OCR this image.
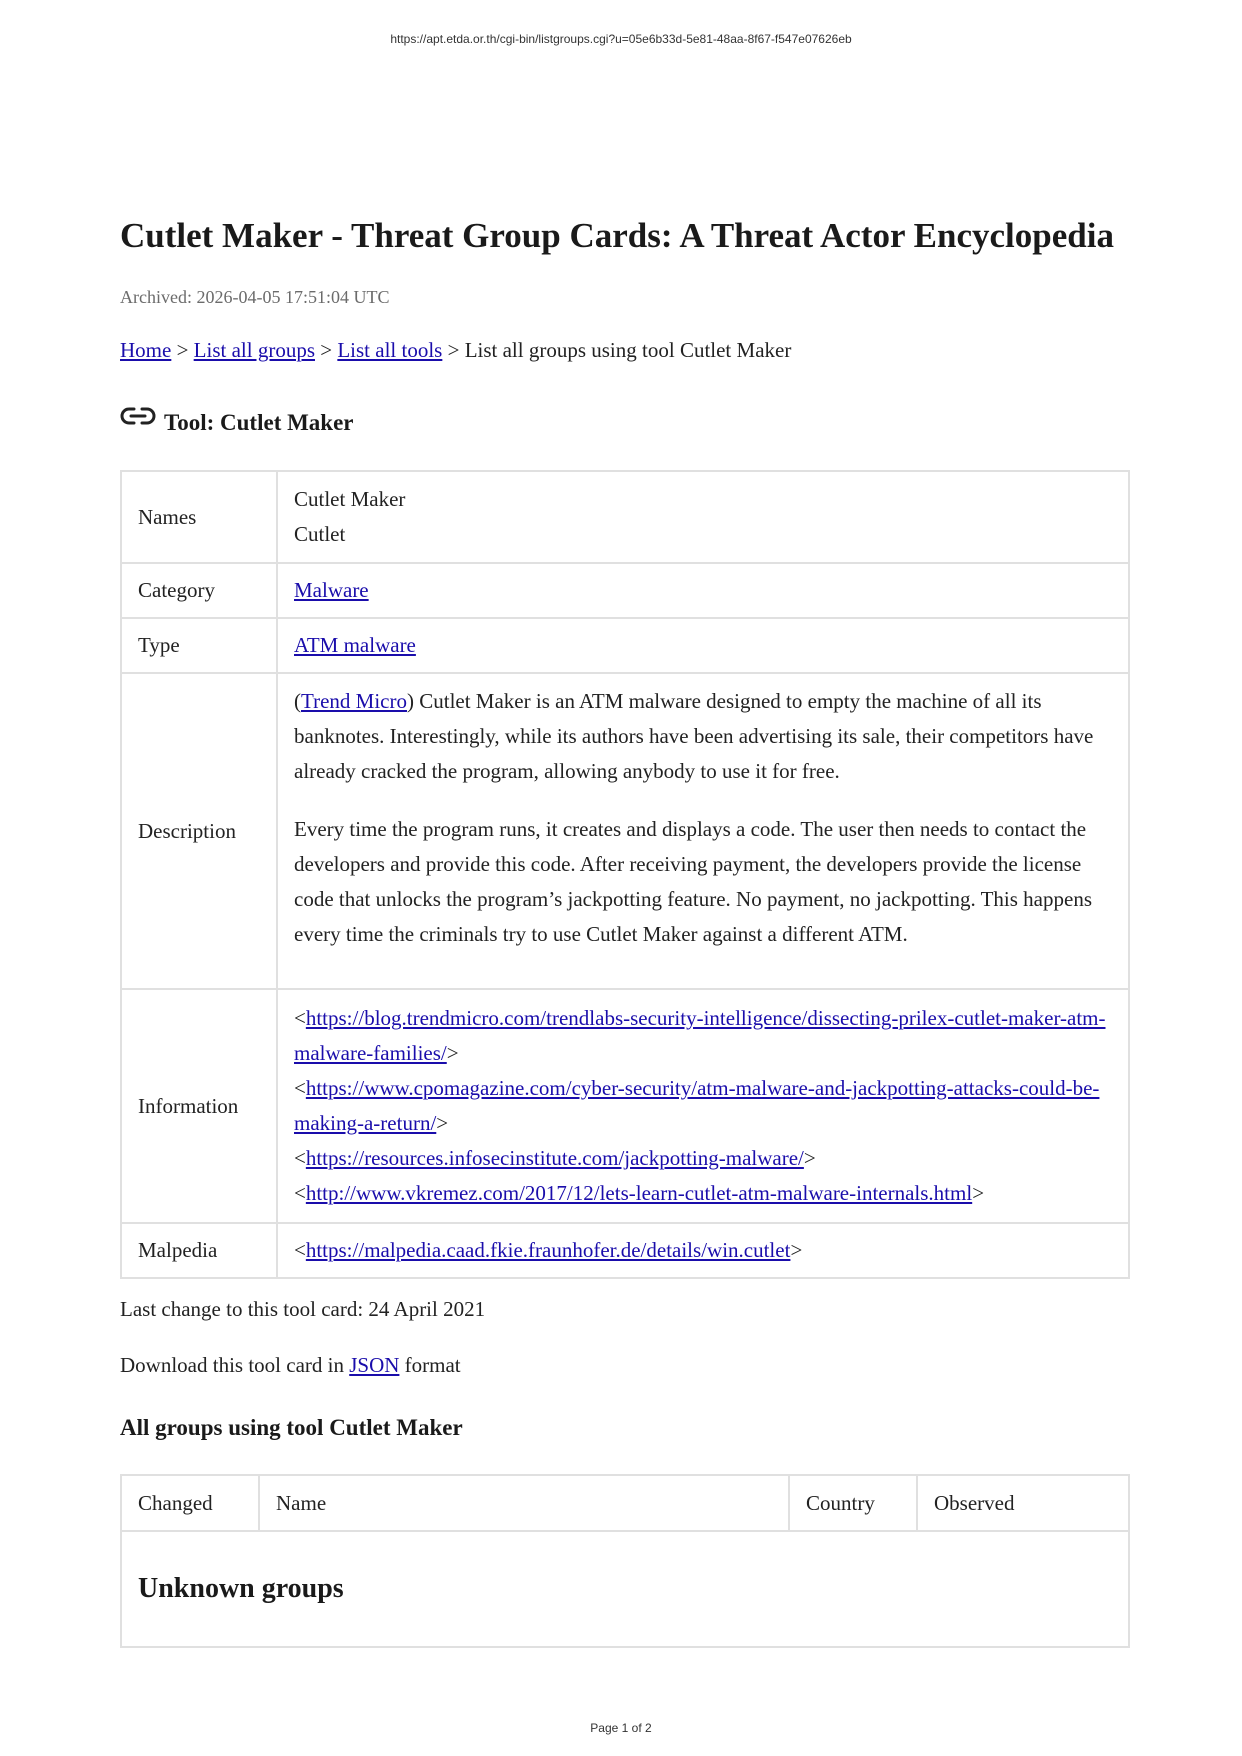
https://apt.etda.or.th/cgi-bin/listgroups.cgi?u=05e6b33d-5e81-48aa-8f67-f547e07626eb
Cutlet Maker - Threat Group Cards: A Threat Actor Encyclopedia
Archived: 2026-04-05 17:51:04 UTC
Home > List all groups > List all tools > List all groups using tool Cutlet Maker
Tool: Cutlet Maker
Names	Cutlet Maker
Cutlet

Category	Malware
Type	ATM malware
Description	(Trend Micro) Cutlet Maker is an ATM malware designed to empty the machine of all its banknotes. Interestingly, while its authors have been advertising its sale, their competitors have already cracked the program, allowing anybody to use it for free.

Every time the program runs, it creates and displays a code. The user then needs to contact the developers and provide this code. After receiving payment, the developers provide the license code that unlocks the program’s jackpotting feature. No payment, no jackpotting. This happens every time the criminals try to use Cutlet Maker against a different ATM.

Information	<https://blog.trendmicro.com/trendlabs-security-intelligence/dissecting-prilex-cutlet-maker-atm-malware-families/>
<https://www.cpomagazine.com/cyber-security/atm-malware-and-jackpotting-attacks-could-be-making-a-return/>
<https://resources.infosecinstitute.com/jackpotting-malware/>
<http://www.vkremez.com/2017/12/lets-learn-cutlet-atm-malware-internals.html>

Malpedia	<https://malpedia.caad.fkie.fraunhofer.de/details/win.cutlet>
Last change to this tool card: 24 April 2021
Download this tool card in JSON format
All groups using tool Cutlet Maker
Changed	Name	Country	Observed
Unknown groups
Page 1 of 2
